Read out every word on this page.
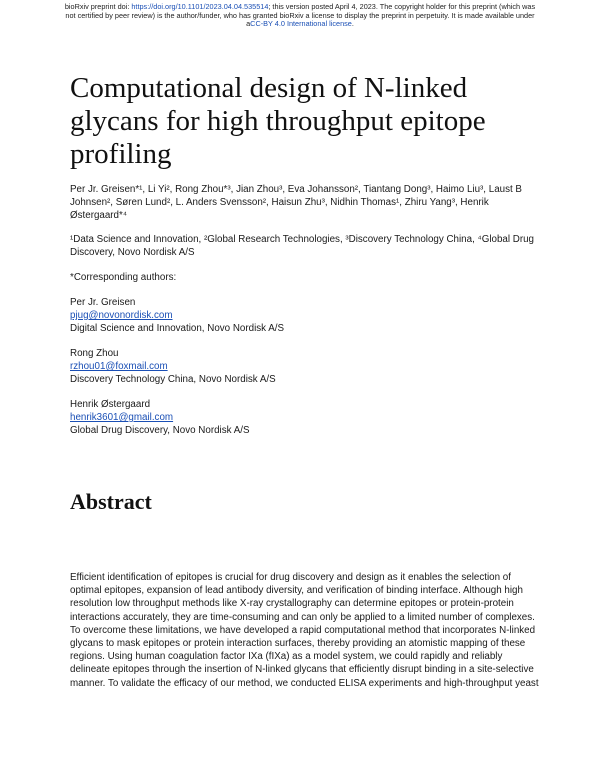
bioRxiv preprint doi: https://doi.org/10.1101/2023.04.04.535514; this version posted April 4, 2023. The copyright holder for this preprint (which was not certified by peer review) is the author/funder, who has granted bioRxiv a license to display the preprint in perpetuity. It is made available under aCC-BY 4.0 International license.
Computational design of N-linked glycans for high throughput epitope profiling
Per Jr. Greisen*¹, Li Yi², Rong Zhou*³, Jian Zhou³, Eva Johansson², Tiantang Dong³, Haimo Liu³, Laust B Johnsen², Søren Lund², L. Anders Svensson², Haisun Zhu³, Nidhin Thomas¹, Zhiru Yang³, Henrik Østergaard*⁴
¹Data Science and Innovation, ²Global Research Technologies, ³Discovery Technology China, ⁴Global Drug Discovery, Novo Nordisk A/S
*Corresponding authors:
Per Jr. Greisen
pjug@novonordisk.com
Digital Science and Innovation, Novo Nordisk A/S
Rong Zhou
rzhou01@foxmail.com
Discovery Technology China, Novo Nordisk A/S
Henrik Østergaard
henrik3601@gmail.com
Global Drug Discovery, Novo Nordisk A/S
Abstract

Efficient identification of epitopes is crucial for drug discovery and design as it enables the selection of optimal epitopes, expansion of lead antibody diversity, and verification of binding interface. Although high resolution low throughput methods like X-ray crystallography can determine epitopes or protein-protein interactions accurately, they are time-consuming and can only be applied to a limited number of complexes. To overcome these limitations, we have developed a rapid computational method that incorporates N-linked glycans to mask epitopes or protein interaction surfaces, thereby providing an atomistic mapping of these regions. Using human coagulation factor IXa (fIXa) as a model system, we could rapidly and reliably delineate epitopes through the insertion of N-linked glycans that efficiently disrupt binding in a site-selective manner. To validate the efficacy of our method, we conducted ELISA experiments and high-throughput yeast
